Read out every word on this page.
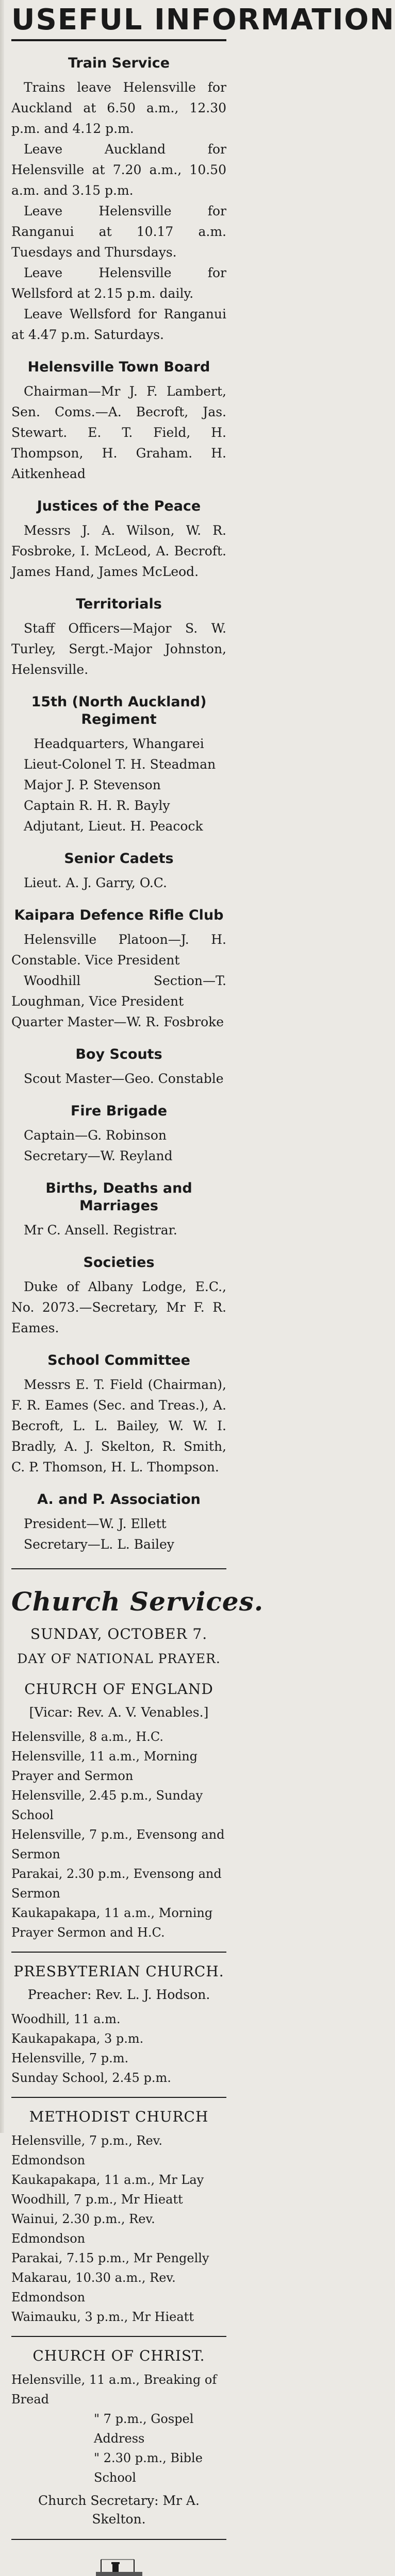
USEFUL INFORMATION
Train Service

Trains leave Helensville for Auckland at 6.50 a.m., 12.30 p.m. and 4.12 p.m.

Leave Auckland for Helensville at 7.20 a.m., 10.50 a.m. and 3.15 p.m.

Leave Helensville for Ranganui at 10.17 a.m. Tuesdays and Thursdays.

Leave Helensville for Wellsford at 2.15 p.m. daily.

Leave Wellsford for Ranganui at 4.47 p.m. Saturdays.

Helensville Town Board

Chairman—Mr J. F. Lambert, Sen. Coms.—A. Becroft, Jas. Stewart. E. T. Field, H. Thompson, H. Graham. H. Aitkenhead

Justices of the Peace

Messrs J. A. Wilson, W. R. Fosbroke, I. McLeod, A. Becroft. James Hand, James McLeod.

Territorials

Staff Officers—Major S. W. Turley, Sergt.-Major Johnston, Helensville.

15th (North Auckland) Regiment

Headquarters, Whangarei

Lieut-Colonel T. H. Steadman

Major J. P. Stevenson

Captain R. H. R. Bayly

Adjutant, Lieut. H. Peacock

Senior Cadets

Lieut. A. J. Garry, O.C.

Kaipara Defence Rifle Club

Helensville Platoon—J. H. Constable. Vice President

Woodhill Section—T. Loughman, Vice President

Quarter Master—W. R. Fosbroke

Boy Scouts

Scout Master—Geo. Constable

Fire Brigade

Captain—G. Robinson

Secretary—W. Reyland

Births, Deaths and Marriages

Mr C. Ansell. Registrar.

Societies

Duke of Albany Lodge, E.C., No. 2073.—Secretary, Mr F. R. Eames.

School Committee

Messrs E. T. Field (Chairman), F. R. Eames (Sec. and Treas.), A. Becroft, L. L. Bailey, W. W. I. Bradly, A. J. Skelton, R. Smith, C. P. Thomson, H. L. Thompson.

A. and P. Association

President—W. J. Ellett

Secretary—L. L. Bailey

Church Services.

SUNDAY, OCTOBER 7.

DAY OF NATIONAL PRAYER.

CHURCH OF ENGLAND

[Vicar: Rev. A. V. Venables.]

Helensville, 8 a.m., H.C.

Helensville, 11 a.m., Morning Prayer and Sermon

Helensville, 2.45 p.m., Sunday School

Helensville, 7 p.m., Evensong and Sermon

Parakai, 2.30 p.m., Evensong and Sermon

Kaukapakapa, 11 a.m., Morning Prayer Sermon and H.C.

PRESBYTERIAN CHURCH.

Preacher: Rev. L. J. Hodson.

Woodhill, 11 a.m.

Kaukapakapa, 3 p.m.

Helensville, 7 p.m.

Sunday School, 2.45 p.m.

METHODIST CHURCH

Helensville, 7 p.m., Rev. Edmondson

Kaukapakapa, 11 a.m., Mr Lay

Woodhill, 7 p.m., Mr Hieatt

Wainui, 2.30 p.m., Rev. Edmondson

Parakai, 7.15 p.m., Mr Pengelly

Makarau, 10.30 a.m., Rev. Edmondson

Waimauku, 3 p.m., Mr Hieatt

CHURCH OF CHRIST.

Helensville, 11 a.m., Breaking of Bread

" 7 p.m., Gospel Address

" 2.30 p.m., Bible School

Church Secretary: Mr A. Skelton.
